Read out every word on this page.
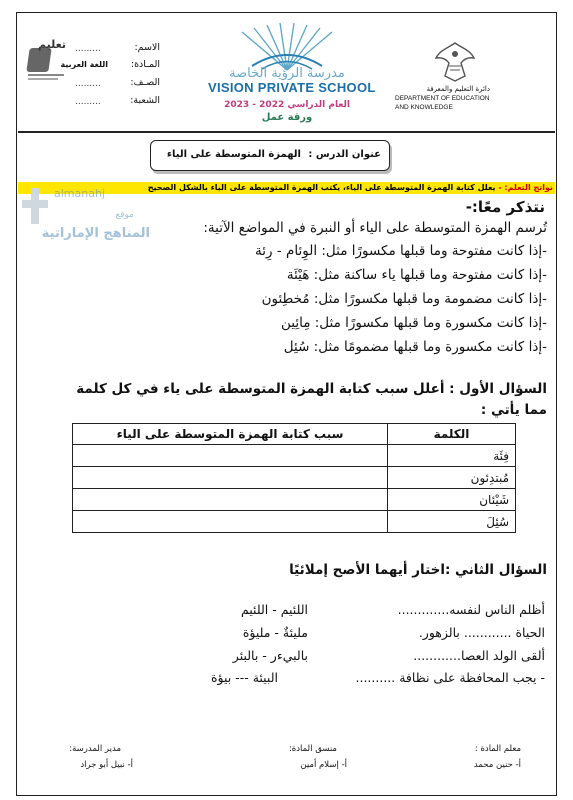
دائرة التعليم والمعرفة
DEPARTMENT OF EDUCATION
AND KNOWLEDGE
مدرسة الرؤية الخاصة
VISION PRIVATE SCHOOL
العام الدراسي 2022 - 2023
ورقة عمل
الاسم:
.........
المـادة:
اللغة العربية
الصـف:
.........
الشعبة:
.........
تعليم
عنوان الدرس :
الهمزة المتوسطة على الياء
نواتج التعلم: - يعلل كتابة الهمزة المتوسطة على الياء، يكتب الهمزة المتوسطة على الياء بالشكل الصحيح
almanahj
موقع
المناهج الإماراتية
نتذكر معًا:-
تُرسم الهمزة المتوسطة على الياء أو النبرة في المواضع الآتية:
-إذا كانت مفتوحة وما قبلها مكسورًا مثل: الوِئام - رِئة
-إذا كانت مفتوحة وما قبلها ياء ساكنة مثل: هَيْئَة
-إذا كانت مضمومة وما قبلها مكسورًا مثل: مُخطِئون
-إذا كانت مكسورة وما قبلها مكسورًا مثل: مِائِين
-إذا كانت مكسورة وما قبلها مضمومًا مثل: سُئِل
السؤال الأول : أعلل سبب كتابة الهمزة المتوسطة على ياء في كل كلمة
مما يأتي :
الكلمة	سبب كتابة الهمزة المتوسطة على الياء
فِئَة	
مُبتدِئون	
شَيْئان	
سُئِلَ	
السؤال الثاني :اختار أيهما الأصح إملائيًا
أظلم الناس لنفسه.............
اللئيم - اللئيم
الحياة ............ بالزهور.
مليئةٌ - مليؤة
ألقى الولد العصا............
بالبيءر - بالبئر
- يجب المحافظة على نظافة ..........
البيئة --- بيؤة
معلم المادة :
أ- حنين محمد
منسق المادة:
أ- إسلام أمين
مدير المدرسة:
أ- نبيل أبو جراد
